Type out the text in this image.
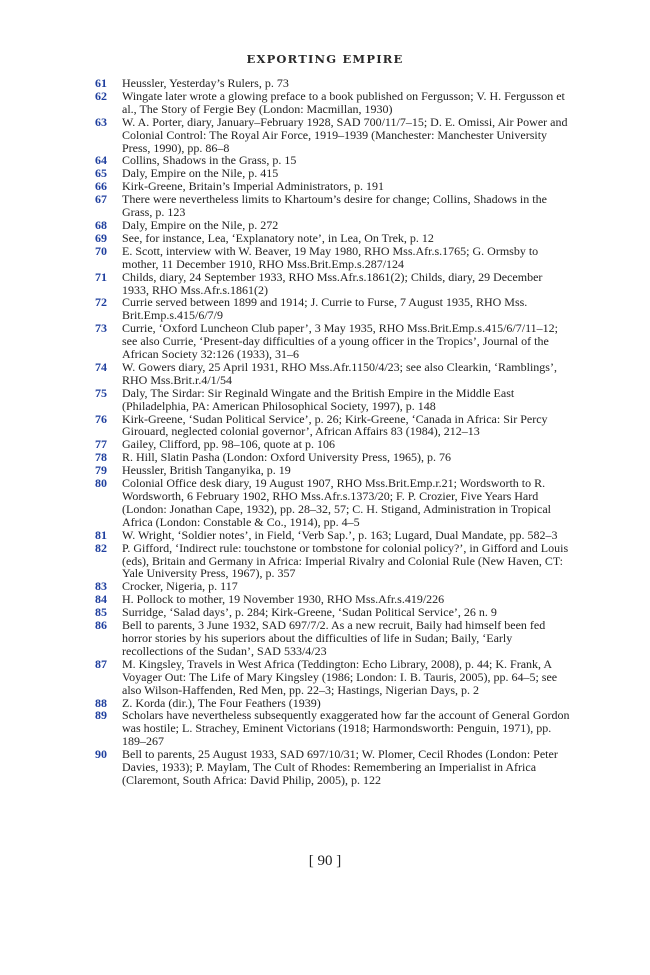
EXPORTING EMPIRE

61 Heussler, Yesterday’s Rulers, p. 73

62 Wingate later wrote a glowing preface to a book published on Fergusson; V. H. Fergusson et al., The Story of Fergie Bey (London: Macmillan, 1930)

63 W. A. Porter, diary, January–February 1928, SAD 700/11/7–15; D. E. Omissi, Air Power and Colonial Control: The Royal Air Force, 1919–1939 (Manchester: Manchester University Press, 1990), pp. 86–8

64 Collins, Shadows in the Grass, p. 15

65 Daly, Empire on the Nile, p. 415

66 Kirk-Greene, Britain’s Imperial Administrators, p. 191

67 There were nevertheless limits to Khartoum’s desire for change; Collins, Shadows in the Grass, p. 123

68 Daly, Empire on the Nile, p. 272

69 See, for instance, Lea, ‘Explanatory note’, in Lea, On Trek, p. 12

70 E. Scott, interview with W. Beaver, 19 May 1980, RHO Mss.Afr.s.1765; G. Ormsby to mother, 11 December 1910, RHO Mss.Brit.Emp.s.287/124

71 Childs, diary, 24 September 1933, RHO Mss.Afr.s.1861(2); Childs, diary, 29 December 1933, RHO Mss.Afr.s.1861(2)

72 Currie served between 1899 and 1914; J. Currie to Furse, 7 August 1935, RHO Mss. Brit.Emp.s.415/6/7/9

73 Currie, ‘Oxford Luncheon Club paper’, 3 May 1935, RHO Mss.Brit.Emp.s.415/6/7/11–12; see also Currie, ‘Present-day difficulties of a young officer in the Tropics’, Journal of the African Society 32:126 (1933), 31–6

74 W. Gowers diary, 25 April 1931, RHO Mss.Afr.1150/4/23; see also Clearkin, ‘Ramblings’, RHO Mss.Brit.r.4/1/54

75 Daly, The Sirdar: Sir Reginald Wingate and the British Empire in the Middle East (Philadelphia, PA: American Philosophical Society, 1997), p. 148

76 Kirk-Greene, ‘Sudan Political Service’, p. 26; Kirk-Greene, ‘Canada in Africa: Sir Percy Girouard, neglected colonial governor’, African Affairs 83 (1984), 212–13

77 Gailey, Clifford, pp. 98–106, quote at p. 106

78 R. Hill, Slatin Pasha (London: Oxford University Press, 1965), p. 76

79 Heussler, British Tanganyika, p. 19

80 Colonial Office desk diary, 19 August 1907, RHO Mss.Brit.Emp.r.21; Wordsworth to R. Wordsworth, 6 February 1902, RHO Mss.Afr.s.1373/20; F. P. Crozier, Five Years Hard (London: Jonathan Cape, 1932), pp. 28–32, 57; C. H. Stigand, Administration in Tropical Africa (London: Constable & Co., 1914), pp. 4–5

81 W. Wright, ‘Soldier notes’, in Field, ‘Verb Sap.’, p. 163; Lugard, Dual Mandate, pp. 582–3

82 P. Gifford, ‘Indirect rule: touchstone or tombstone for colonial policy?’, in Gifford and Louis (eds), Britain and Germany in Africa: Imperial Rivalry and Colonial Rule (New Haven, CT: Yale University Press, 1967), p. 357

83 Crocker, Nigeria, p. 117

84 H. Pollock to mother, 19 November 1930, RHO Mss.Afr.s.419/226

85 Surridge, ‘Salad days’, p. 284; Kirk-Greene, ‘Sudan Political Service’, 26 n. 9

86 Bell to parents, 3 June 1932, SAD 697/7/2. As a new recruit, Baily had himself been fed horror stories by his superiors about the difficulties of life in Sudan; Baily, ‘Early recollections of the Sudan’, SAD 533/4/23

87 M. Kingsley, Travels in West Africa (Teddington: Echo Library, 2008), p. 44; K. Frank, A Voyager Out: The Life of Mary Kingsley (1986; London: I. B. Tauris, 2005), pp. 64–5; see also Wilson-Haffenden, Red Men, pp. 22–3; Hastings, Nigerian Days, p. 2

88 Z. Korda (dir.), The Four Feathers (1939)

89 Scholars have nevertheless subsequently exaggerated how far the account of General Gordon was hostile; L. Strachey, Eminent Victorians (1918; Harmondsworth: Penguin, 1971), pp. 189–267

90 Bell to parents, 25 August 1933, SAD 697/10/31; W. Plomer, Cecil Rhodes (London: Peter Davies, 1933); P. Maylam, The Cult of Rhodes: Remembering an Imperialist in Africa (Claremont, South Africa: David Philip, 2005), p. 122

[ 90 ]
